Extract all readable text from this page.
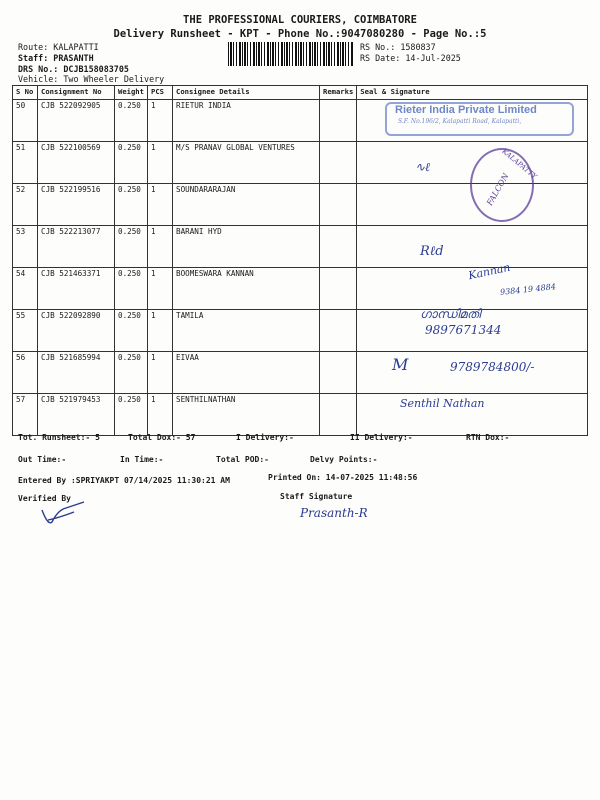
THE PROFESSIONAL COURIERS, COIMBATORE
Delivery Runsheet - KPT - Phone No.:9047080280 - Page No.:5
Route: KALAPATTI
Staff: PRASANTH
DRS No.: DCJB158083705
Vehicle: Two Wheeler Delivery
RS No.: 1580837
RS Date: 14-Jul-2025
S No	Consignment No	Weight	PCS	Consignee Details	Remarks	Seal & Signature
50	CJB 522092905	0.250	1	RIETUR INDIA		
51	CJB 522100569	0.250	1	M/S PRANAV GLOBAL VENTURES		
52	CJB 522199516	0.250	1	SOUNDARARAJAN		
53	CJB 522213077	0.250	1	BARANI HYD		
54	CJB 521463371	0.250	1	BOOMESWARA KANNAN		
55	CJB 522092890	0.250	1	TAMILA		
56	CJB 521685994	0.250	1	EIVAA		
57	CJB 521979453	0.250	1	SENTHILNATHAN		
Rieter India Private Limited
S.F. No.196/2, Kalapatti Road, Kalapatti,
FALCON
KALAPATTY
∿ℓ
Rℓd
Kannan
9384 19 4884
ഗാന്ധിമതി
9897671344
M	9789784800/-
Senthil Nathan
Tot. Runsheet:- 5	Total Dox:- 57	I Delivery:-	II Delivery:-	RTN Dox:-
Out Time:-	In Time:-	Total POD:-	Delvy Points:-
Entered By :SPRIYAKPT 07/14/2025 11:30:21 AM	Printed On: 14-07-2025 11:48:56
Verified By	Staff Signature
Prasanth-R
